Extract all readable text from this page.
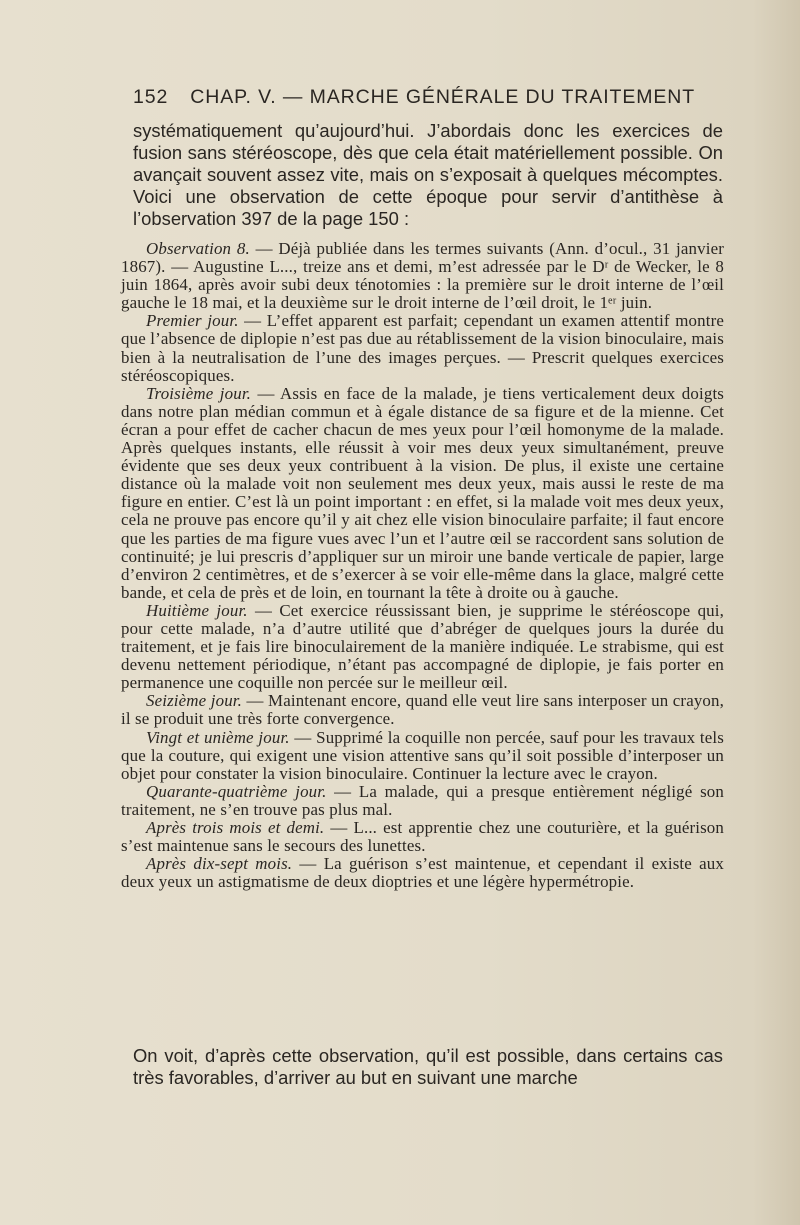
152 CHAP. V. — MARCHE GÉNÉRALE DU TRAITEMENT

systématiquement qu’aujourd’hui. J’abordais donc les exercices de fusion sans stéréoscope, dès que cela était matériellement possible. On avançait souvent assez vite, mais on s’exposait à quelques mécomptes. Voici une observation de cette époque pour servir d’antithèse à l’observation 397 de la page 150 :

Observation 8. — Déjà publiée dans les termes suivants (Ann. d’ocul., 31 janvier 1867). — Augustine L..., treize ans et demi, m’est adressée par le Dʳ de Wecker, le 8 juin 1864, après avoir subi deux ténotomies : la première sur le droit interne de l’œil gauche le 18 mai, et la deuxième sur le droit interne de l’œil droit, le 1ᵉʳ juin.

Premier jour. — L’effet apparent est parfait; cependant un examen attentif montre que l’absence de diplopie n’est pas due au rétablissement de la vision binoculaire, mais bien à la neutralisation de l’une des images perçues. — Prescrit quelques exercices stéréoscopiques.

Troisième jour. — Assis en face de la malade, je tiens verticalement deux doigts dans notre plan médian commun et à égale distance de sa figure et de la mienne. Cet écran a pour effet de cacher chacun de mes yeux pour l’œil homonyme de la malade. Après quelques instants, elle réussit à voir mes deux yeux simultanément, preuve évidente que ses deux yeux contribuent à la vision. De plus, il existe une certaine distance où la malade voit non seulement mes deux yeux, mais aussi le reste de ma figure en entier. C’est là un point important : en effet, si la malade voit mes deux yeux, cela ne prouve pas encore qu’il y ait chez elle vision binoculaire parfaite; il faut encore que les parties de ma figure vues avec l’un et l’autre œil se raccordent sans solution de continuité; je lui prescris d’appliquer sur un miroir une bande verticale de papier, large d’environ 2 centimètres, et de s’exercer à se voir elle-même dans la glace, malgré cette bande, et cela de près et de loin, en tournant la tête à droite ou à gauche.

Huitième jour. — Cet exercice réussissant bien, je supprime le stéréoscope qui, pour cette malade, n’a d’autre utilité que d’abréger de quelques jours la durée du traitement, et je fais lire binoculairement de la manière indiquée. Le strabisme, qui est devenu nettement périodique, n’étant pas accompagné de diplopie, je fais porter en permanence une coquille non percée sur le meilleur œil.

Seizième jour. — Maintenant encore, quand elle veut lire sans interposer un crayon, il se produit une très forte convergence.

Vingt et unième jour. — Supprimé la coquille non percée, sauf pour les travaux tels que la couture, qui exigent une vision attentive sans qu’il soit possible d’interposer un objet pour constater la vision binoculaire. Continuer la lecture avec le crayon.

Quarante-quatrième jour. — La malade, qui a presque entièrement négligé son traitement, ne s’en trouve pas plus mal.

Après trois mois et demi. — L... est apprentie chez une couturière, et la guérison s’est maintenue sans le secours des lunettes.

Après dix-sept mois. — La guérison s’est maintenue, et cependant il existe aux deux yeux un astigmatisme de deux dioptries et une légère hypermétropie.

On voit, d’après cette observation, qu’il est possible, dans certains cas très favorables, d’arriver au but en suivant une marche
